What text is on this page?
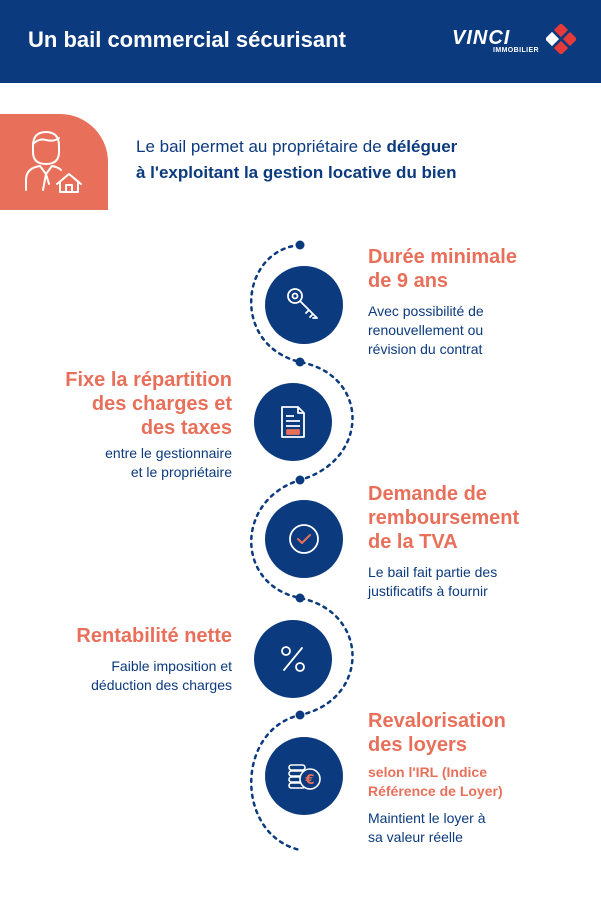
Un bail commercial sécurisant	VINCI
IMMOBILIER
Le bail permet au propriétaire de déléguer
à l'exploitant la gestion locative du bien
Durée minimale
de 9 ans
Avec possibilité de
renouvellement ou
révision du contrat
Fixe la répartition
des charges et
des taxes
entre le gestionnaire
et le propriétaire
Demande de
remboursement
de la TVA
Le bail fait partie des
justificatifs à fournir
Rentabilité nette
Faible imposition et
déduction des charges
€
Revalorisation
des loyers
selon l'IRL (Indice
Référence de Loyer)
Maintient le loyer à
sa valeur réelle
